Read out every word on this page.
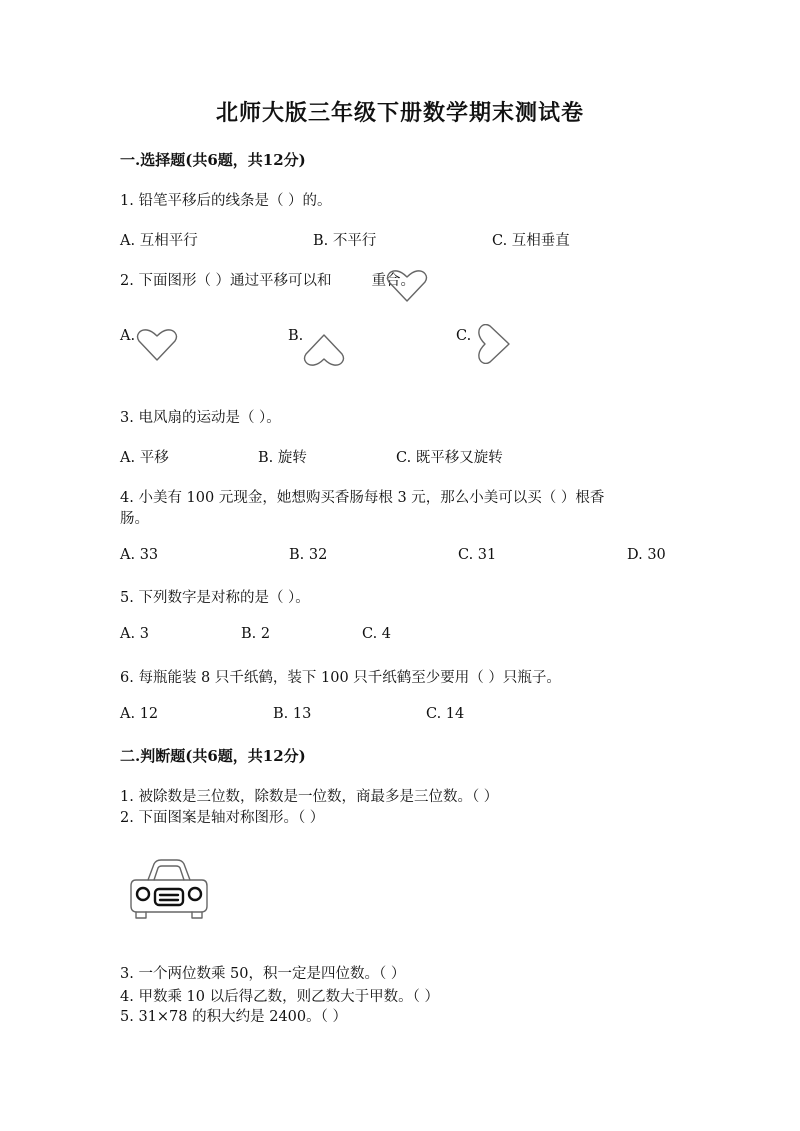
北师大版三年级下册数学期末测试卷
一.选择题(共6题，共12分)
1. 铅笔平移后的线条是（ ）的。
A. 互相平行	B. 不平行	C. 互相垂直
2. 下面图形（ ）通过平移可以和	重合。
A.	B.	C.
3. 电风扇的运动是（ ）。
A. 平移	B. 旋转	C. 既平移又旋转
4. 小美有 100 元现金，她想购买香肠每根 3 元，那么小美可以买（ ）根香
肠。
A. 33	B. 32	C. 31	D. 30
5. 下列数字是对称的是（ ）。
A. 3	B. 2	C. 4
6. 每瓶能装 8 只千纸鹤，装下 100 只千纸鹤至少要用（ ）只瓶子。
A. 12	B. 13	C. 14
二.判断题(共6题，共12分)
1. 被除数是三位数，除数是一位数，商最多是三位数。（ ）
2. 下面图案是轴对称图形。（ ）
3. 一个两位数乘 50，积一定是四位数。（ ）
4. 甲数乘 10 以后得乙数，则乙数大于甲数。（ ）
5. 31×78 的积大约是 2400。（ ）
